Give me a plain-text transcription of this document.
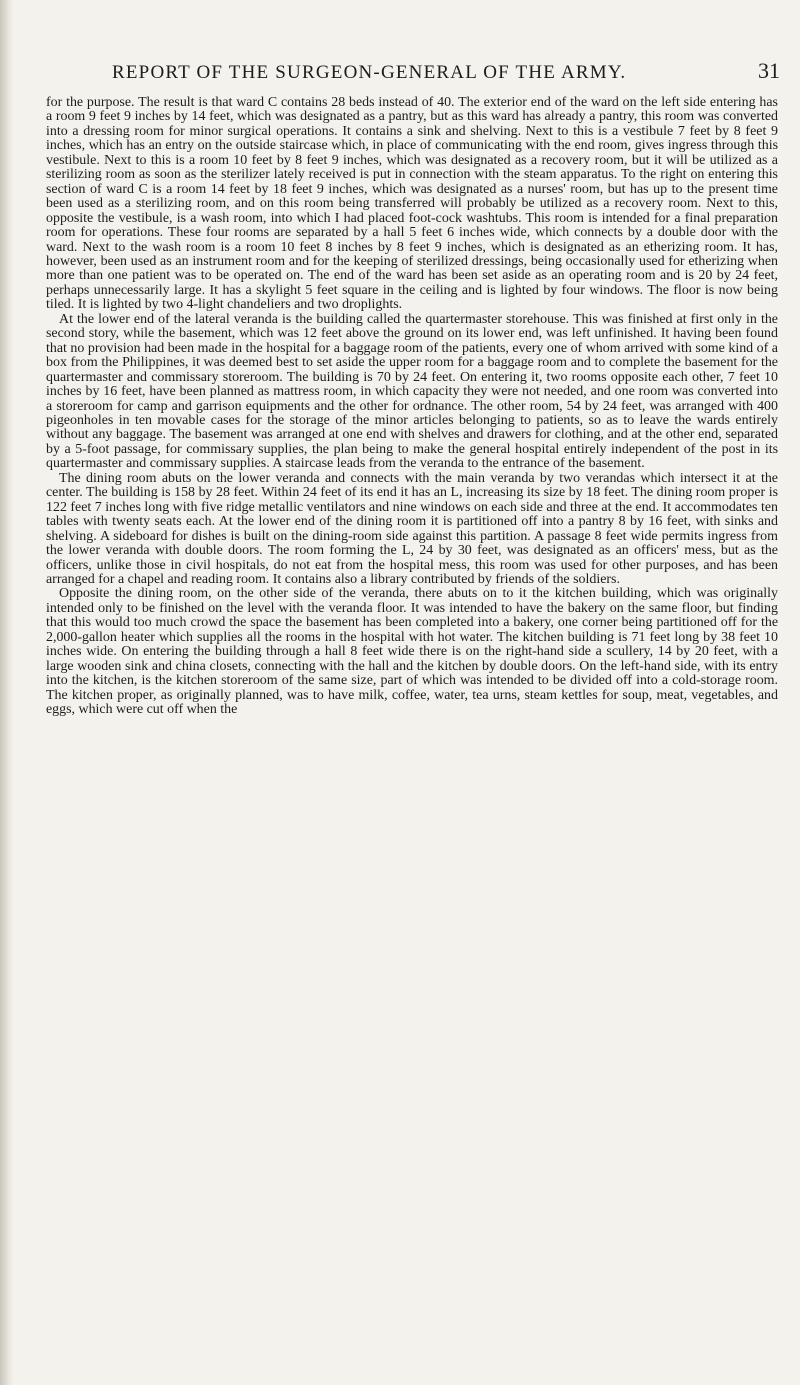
REPORT OF THE SURGEON-GENERAL OF THE ARMY.	31

for the purpose. The result is that ward C contains 28 beds instead of 40. The exterior end of the ward on the left side entering has a room 9 feet 9 inches by 14 feet, which was designated as a pantry, but as this ward has already a pantry, this room was converted into a dressing room for minor surgical operations. It contains a sink and shelving. Next to this is a vestibule 7 feet by 8 feet 9 inches, which has an entry on the outside staircase which, in place of communicating with the end room, gives ingress through this vestibule. Next to this is a room 10 feet by 8 feet 9 inches, which was designated as a recovery room, but it will be utilized as a sterilizing room as soon as the sterilizer lately received is put in connection with the steam apparatus. To the right on entering this section of ward C is a room 14 feet by 18 feet 9 inches, which was designated as a nurses' room, but has up to the present time been used as a sterilizing room, and on this room being transferred will probably be utilized as a recovery room. Next to this, opposite the vestibule, is a wash room, into which I had placed foot-cock washtubs. This room is intended for a final preparation room for operations. These four rooms are separated by a hall 5 feet 6 inches wide, which connects by a double door with the ward. Next to the wash room is a room 10 feet 8 inches by 8 feet 9 inches, which is designated as an etherizing room. It has, however, been used as an instrument room and for the keeping of sterilized dressings, being occasionally used for etherizing when more than one patient was to be operated on. The end of the ward has been set aside as an operating room and is 20 by 24 feet, perhaps unnecessarily large. It has a skylight 5 feet square in the ceiling and is lighted by four windows. The floor is now being tiled. It is lighted by two 4-light chandeliers and two droplights.

At the lower end of the lateral veranda is the building called the quartermaster storehouse. This was finished at first only in the second story, while the basement, which was 12 feet above the ground on its lower end, was left unfinished. It having been found that no provision had been made in the hospital for a baggage room of the patients, every one of whom arrived with some kind of a box from the Philippines, it was deemed best to set aside the upper room for a baggage room and to complete the basement for the quartermaster and commissary storeroom. The building is 70 by 24 feet. On entering it, two rooms opposite each other, 7 feet 10 inches by 16 feet, have been planned as mattress room, in which capacity they were not needed, and one room was converted into a storeroom for camp and garrison equipments and the other for ordnance. The other room, 54 by 24 feet, was arranged with 400 pigeonholes in ten movable cases for the storage of the minor articles belonging to patients, so as to leave the wards entirely without any baggage. The basement was arranged at one end with shelves and drawers for clothing, and at the other end, separated by a 5-foot passage, for commissary supplies, the plan being to make the general hospital entirely independent of the post in its quartermaster and commissary supplies. A staircase leads from the veranda to the entrance of the basement.

The dining room abuts on the lower veranda and connects with the main veranda by two verandas which intersect it at the center. The building is 158 by 28 feet. Within 24 feet of its end it has an L, increasing its size by 18 feet. The dining room proper is 122 feet 7 inches long with five ridge metallic ventilators and nine windows on each side and three at the end. It accommodates ten tables with twenty seats each. At the lower end of the dining room it is partitioned off into a pantry 8 by 16 feet, with sinks and shelving. A sideboard for dishes is built on the dining-room side against this partition. A passage 8 feet wide permits ingress from the lower veranda with double doors. The room forming the L, 24 by 30 feet, was designated as an officers' mess, but as the officers, unlike those in civil hospitals, do not eat from the hospital mess, this room was used for other purposes, and has been arranged for a chapel and reading room. It contains also a library contributed by friends of the soldiers.

Opposite the dining room, on the other side of the veranda, there abuts on to it the kitchen building, which was originally intended only to be finished on the level with the veranda floor. It was intended to have the bakery on the same floor, but finding that this would too much crowd the space the basement has been completed into a bakery, one corner being partitioned off for the 2,000-gallon heater which supplies all the rooms in the hospital with hot water. The kitchen building is 71 feet long by 38 feet 10 inches wide. On entering the building through a hall 8 feet wide there is on the right-hand side a scullery, 14 by 20 feet, with a large wooden sink and china closets, connecting with the hall and the kitchen by double doors. On the left-hand side, with its entry into the kitchen, is the kitchen storeroom of the same size, part of which was intended to be divided off into a cold-storage room. The kitchen proper, as originally planned, was to have milk, coffee, water, tea urns, steam kettles for soup, meat, vegetables, and eggs, which were cut off when the
